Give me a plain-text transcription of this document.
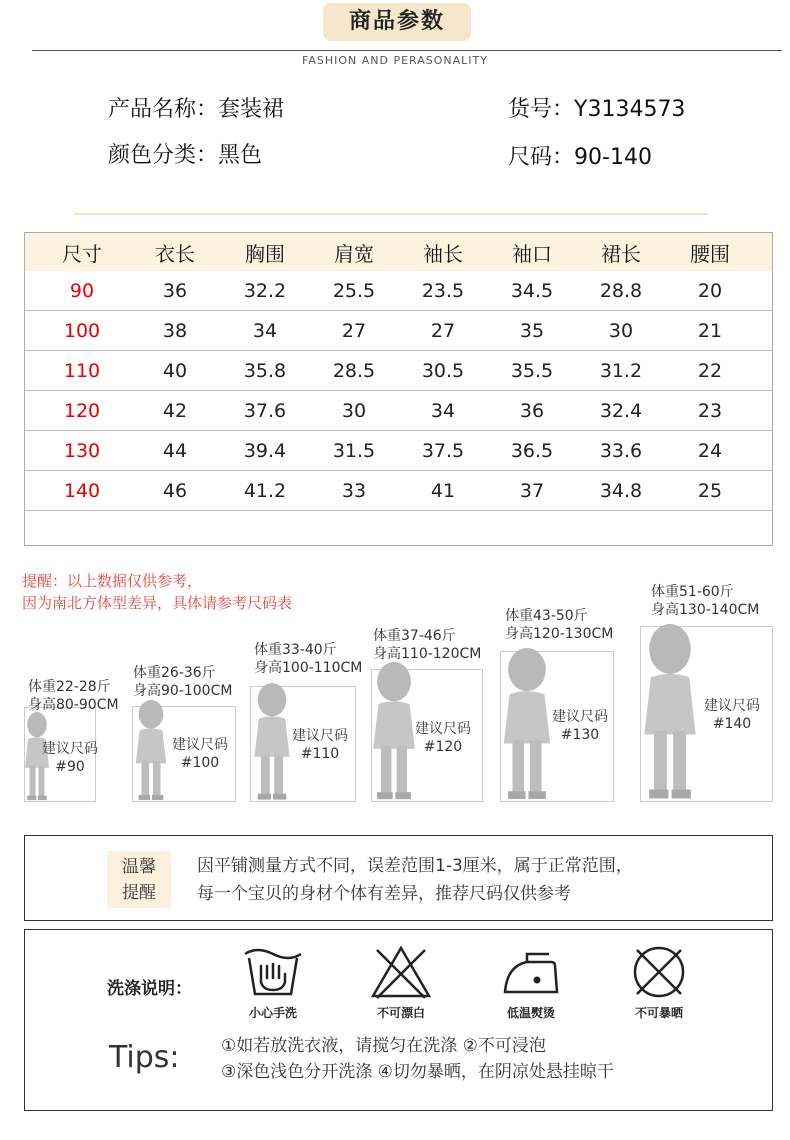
商品参数
FASHION AND PERASONALITY
产品名称：套装裙	货号：Y3134573
颜色分类：黑色	尺码：90-140
尺寸	衣长	胸围	肩宽	袖长	袖口	裙长	腰围
90	36	32.2	25.5	23.5	34.5	28.8	20
100	38	34	27	27	35	30	21
110	40	35.8	28.5	30.5	35.5	31.2	22
120	42	37.6	30	34	36	32.4	23
130	44	39.4	31.5	37.5	36.5	33.6	24
140	46	41.2	33	41	37	34.8	25
提醒：以上数据仅供参考，
因为南北方体型差异，具体请参考尺码表
体重22-28斤
身高80-90CM
建议尺码
#90
体重26-36斤
身高90-100CM
建议尺码
#100
体重33-40斤
身高100-110CM
建议尺码
#110
体重37-46斤
身高110-120CM
建议尺码
#120
体重43-50斤
身高120-130CM
建议尺码
#130
体重51-60斤
身高130-140CM
建议尺码
#140
温馨
提醒
因平铺测量方式不同，误差范围1-3厘米，属于正常范围，
每一个宝贝的身材个体有差异，推荐尺码仅供参考
洗涤说明：
小心手洗	不可漂白	低温熨烫	不可暴晒
Tips: ①如若放洗衣液，请搅匀在洗涤 ②不可浸泡
③深色浅色分开洗涤 ④切勿暴晒，在阴凉处悬挂晾干
